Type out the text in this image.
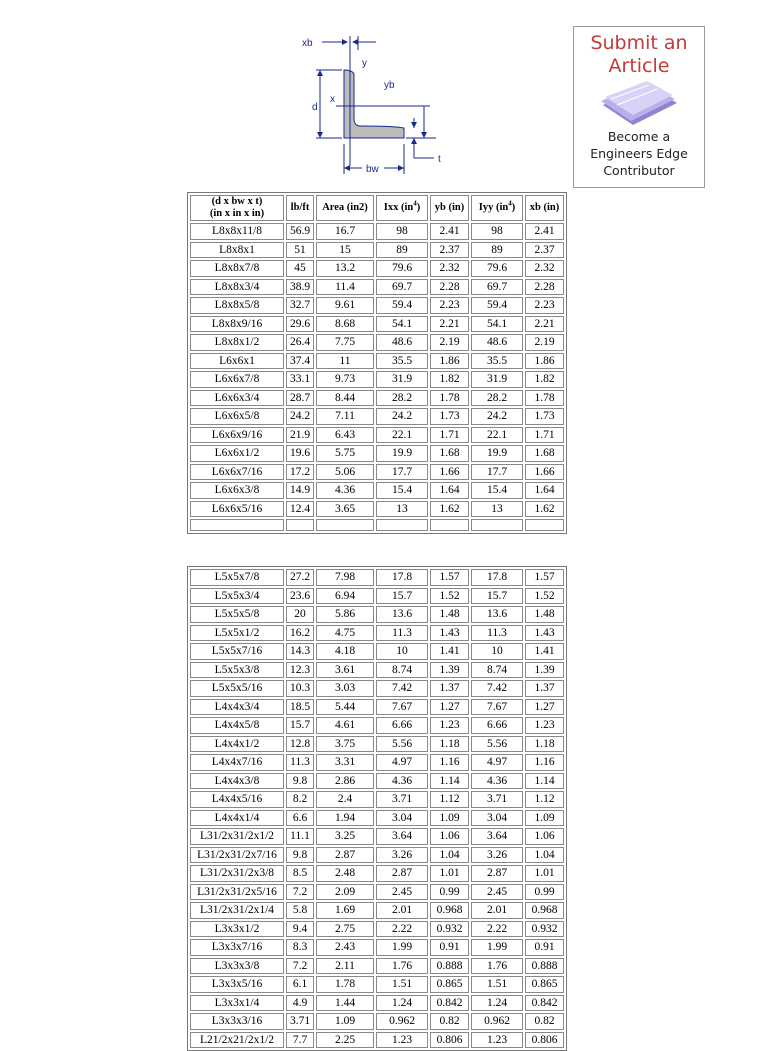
xb
y
yb
x
d
t
bw
Submit an
Article
Become a
Engineers Edge
Contributor
(d x bw x t)
(in x in x in)	lb/ft	Area (in2)	Ixx $(in^4)$	yb (in)	Iyy $(in^4)$	xb (in)
L8x8x11/8	56.9	16.7	98	2.41	98	2.41
L8x8x1	51	15	89	2.37	89	2.37
L8x8x7/8	45	13.2	79.6	2.32	79.6	2.32
L8x8x3/4	38.9	11.4	69.7	2.28	69.7	2.28
L8x8x5/8	32.7	9.61	59.4	2.23	59.4	2.23
L8x8x9/16	29.6	8.68	54.1	2.21	54.1	2.21
L8x8x1/2	26.4	7.75	48.6	2.19	48.6	2.19
L6x6x1	37.4	11	35.5	1.86	35.5	1.86
L6x6x7/8	33.1	9.73	31.9	1.82	31.9	1.82
L6x6x3/4	28.7	8.44	28.2	1.78	28.2	1.78
L6x6x5/8	24.2	7.11	24.2	1.73	24.2	1.73
L6x6x9/16	21.9	6.43	22.1	1.71	22.1	1.71
L6x6x1/2	19.6	5.75	19.9	1.68	19.9	1.68
L6x6x7/16	17.2	5.06	17.7	1.66	17.7	1.66
L6x6x3/8	14.9	4.36	15.4	1.64	15.4	1.64
L6x6x5/16	12.4	3.65	13	1.62	13	1.62

L5x5x7/8	27.2	7.98	17.8	1.57	17.8	1.57
L5x5x3/4	23.6	6.94	15.7	1.52	15.7	1.52
L5x5x5/8	20	5.86	13.6	1.48	13.6	1.48
L5x5x1/2	16.2	4.75	11.3	1.43	11.3	1.43
L5x5x7/16	14.3	4.18	10	1.41	10	1.41
L5x5x3/8	12.3	3.61	8.74	1.39	8.74	1.39
L5x5x5/16	10.3	3.03	7.42	1.37	7.42	1.37
L4x4x3/4	18.5	5.44	7.67	1.27	7.67	1.27
L4x4x5/8	15.7	4.61	6.66	1.23	6.66	1.23
L4x4x1/2	12.8	3.75	5.56	1.18	5.56	1.18
L4x4x7/16	11.3	3.31	4.97	1.16	4.97	1.16
L4x4x3/8	9.8	2.86	4.36	1.14	4.36	1.14
L4x4x5/16	8.2	2.4	3.71	1.12	3.71	1.12
L4x4x1/4	6.6	1.94	3.04	1.09	3.04	1.09
L31/2x31/2x1/2	11.1	3.25	3.64	1.06	3.64	1.06
L31/2x31/2x7/16	9.8	2.87	3.26	1.04	3.26	1.04
L31/2x31/2x3/8	8.5	2.48	2.87	1.01	2.87	1.01
L31/2x31/2x5/16	7.2	2.09	2.45	0.99	2.45	0.99
L31/2x31/2x1/4	5.8	1.69	2.01	0.968	2.01	0.968
L3x3x1/2	9.4	2.75	2.22	0.932	2.22	0.932
L3x3x7/16	8.3	2.43	1.99	0.91	1.99	0.91
L3x3x3/8	7.2	2.11	1.76	0.888	1.76	0.888
L3x3x5/16	6.1	1.78	1.51	0.865	1.51	0.865
L3x3x1/4	4.9	1.44	1.24	0.842	1.24	0.842
L3x3x3/16	3.71	1.09	0.962	0.82	0.962	0.82
L21/2x21/2x1/2	7.7	2.25	1.23	0.806	1.23	0.806
